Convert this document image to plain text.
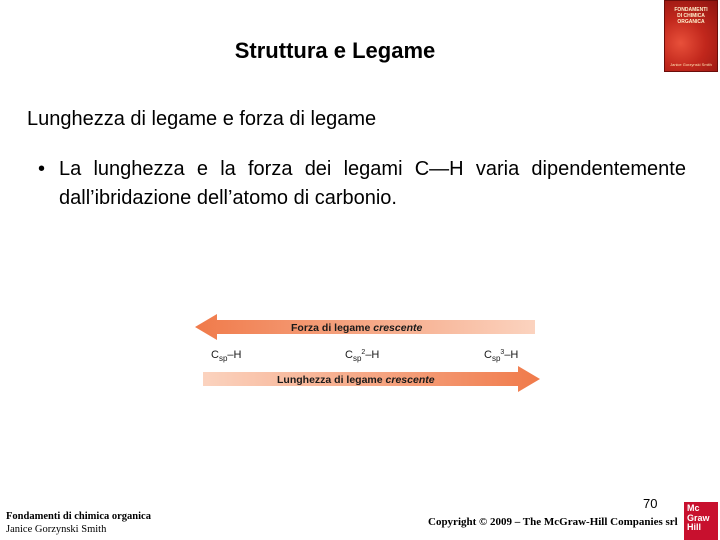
Struttura e Legame
FONDAMENTI
DI CHIMICA
ORGANICA
Janice Gorzynski Smith
Lunghezza di legame e forza di legame
• La lunghezza e la forza dei legami C—H varia dipendentemente dall’ibridazione dell’atomo di carbonio.
Forza di legame crescente
$C_{sp}-H$	$C_{sp}^2-H$	$C_{sp}^3-H$
Lunghezza di legame crescente
Fondamenti di chimica organica
Janice Gorzynski Smith
70
Copyright © 2009 – The McGraw-Hill Companies srl
Mc
Graw
Hill
